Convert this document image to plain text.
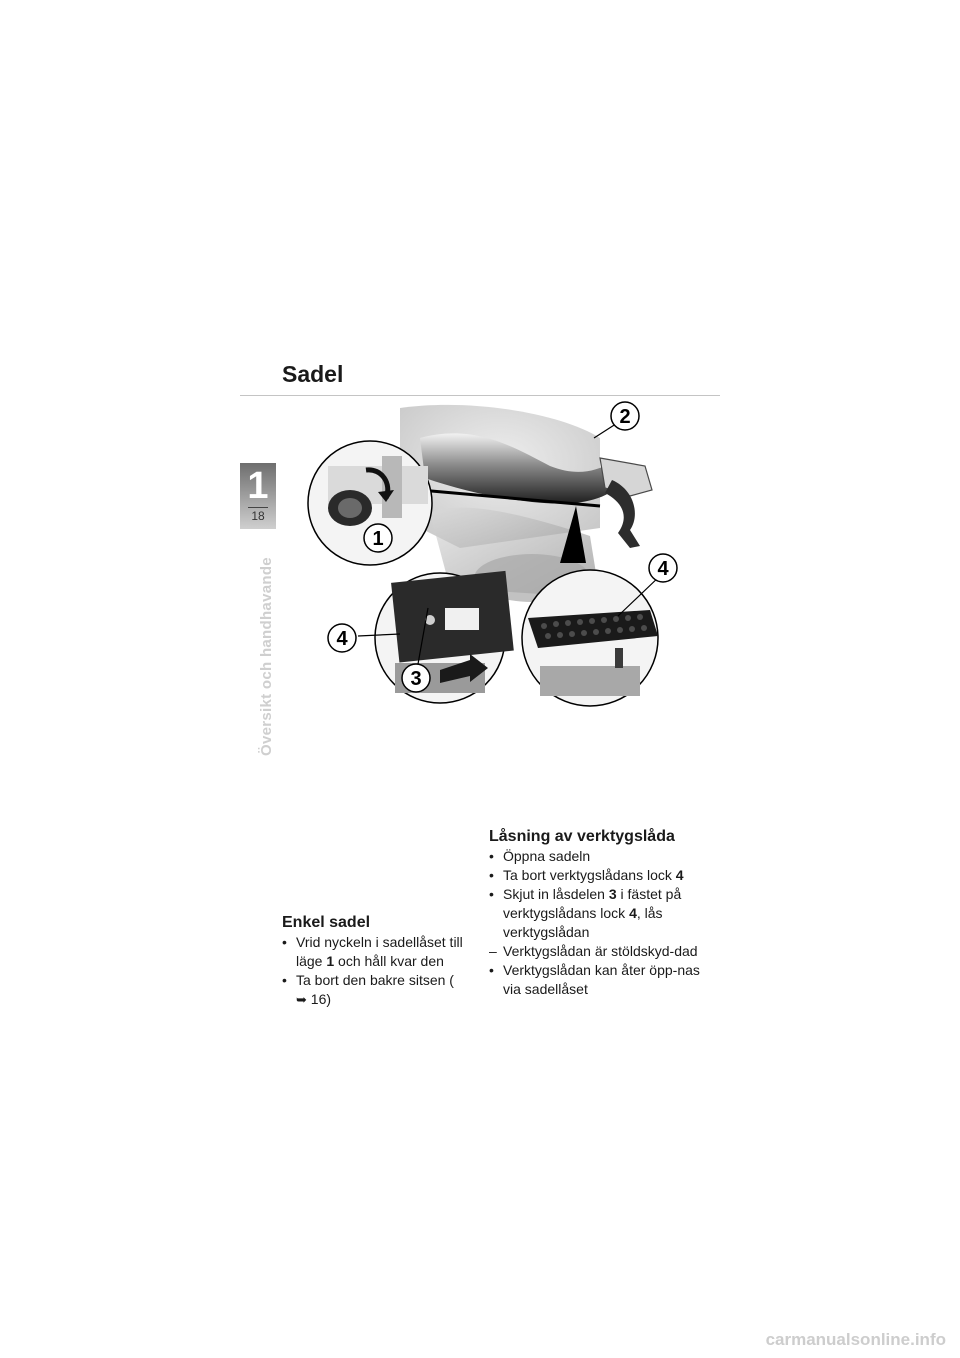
Sadel
1
18
Översikt och handhavande
2
1
4
4
3
Enkel sadel
• Vrid nyckeln i sadellåset till läge 1 och håll kvar den
• Ta bort den bakre sitsen (
➥ 16)
Låsning av verktygslåda
• Öppna sadeln
• Ta bort verktygslådans lock 4
• Skjut in låsdelen 3 i fästet på verktygslådans lock 4, lås verktygslådan
– Verktygslådan är stöldskyd-dad
• Verktygslådan kan åter öpp-nas via sadellåset
carmanualsonline.info
